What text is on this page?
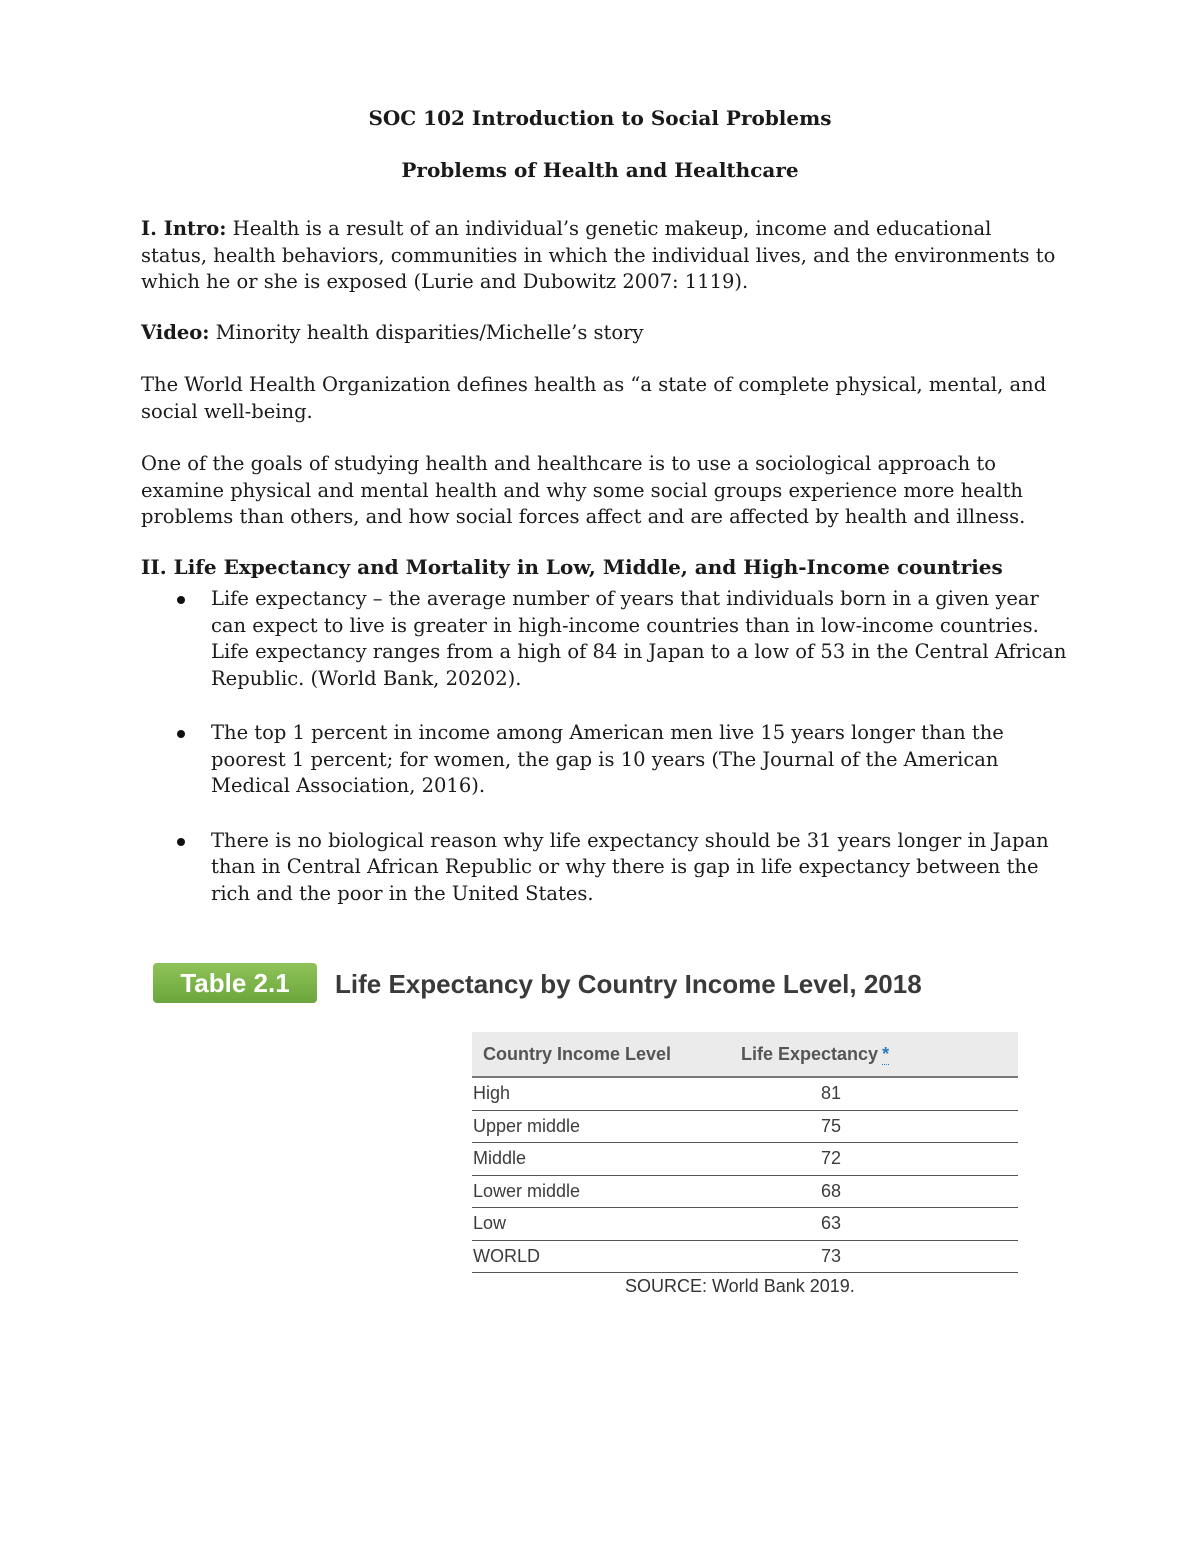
SOC 102 Introduction to Social Problems
Problems of Health and Healthcare
I. Intro: Health is a result of an individual’s genetic makeup, income and educational status, health behaviors, communities in which the individual lives, and the environments to which he or she is exposed (Lurie and Dubowitz 2007: 1119).
Video: Minority health disparities/Michelle’s story
The World Health Organization defines health as “a state of complete physical, mental, and social well-being.
One of the goals of studying health and healthcare is to use a sociological approach to examine physical and mental health and why some social groups experience more health problems than others, and how social forces affect and are affected by health and illness.
II. Life Expectancy and Mortality in Low, Middle, and High-Income countries
Life expectancy – the average number of years that individuals born in a given year can expect to live is greater in high-income countries than in low-income countries. Life expectancy ranges from a high of 84 in Japan to a low of 53 in the Central African Republic. (World Bank, 20202).
The top 1 percent in income among American men live 15 years longer than the poorest 1 percent; for women, the gap is 10 years (The Journal of the American Medical Association, 2016).
There is no biological reason why life expectancy should be 31 years longer in Japan than in Central African Republic or why there is gap in life expectancy between the rich and the poor in the United States.
Table 2.1	Life Expectancy by Country Income Level, 2018
Country Income Level	Life Expectancy *
High	81
Upper middle	75
Middle	72
Lower middle	68
Low	63
WORLD	73
SOURCE: World Bank 2019.
